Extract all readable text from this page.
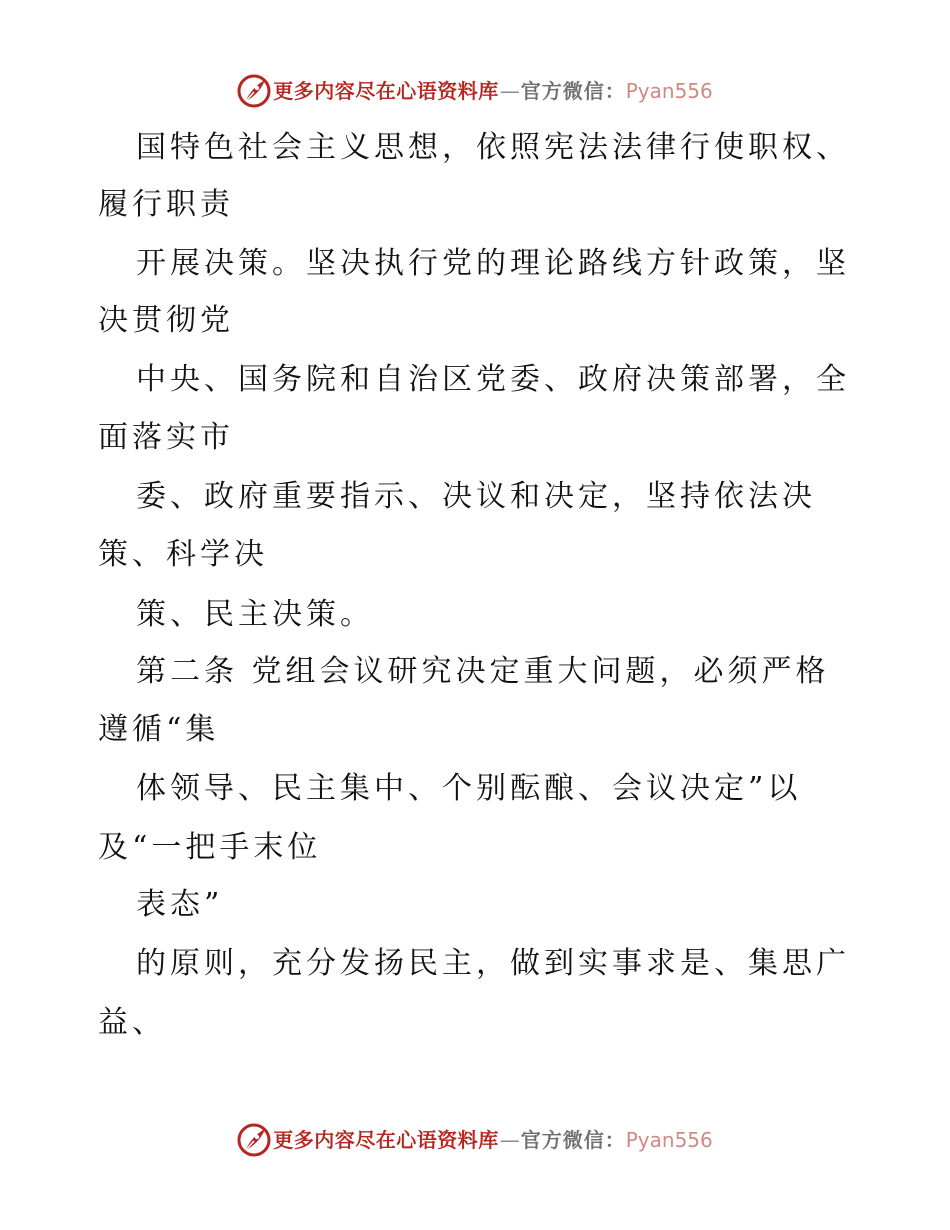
更多内容尽在心语资料库 — 官方微信： Pyan556
国特色社会主义思想，依照宪法法律行使职权、
履行职责
开展决策。坚决执行党的理论路线方针政策，坚
决贯彻党
中央、国务院和自治区党委、政府决策部署，全
面落实市
委、政府重要指示、决议和决定，坚持依法决
策、科学决
策、民主决策。
第二条 党组会议研究决定重大问题，必须严格
遵循“集
体领导、民主集中、个别酝酿、会议决定”以
及“一把手末位
表态”
的原则，充分发扬民主，做到实事求是、集思广
益、
更多内容尽在心语资料库 — 官方微信： Pyan556
